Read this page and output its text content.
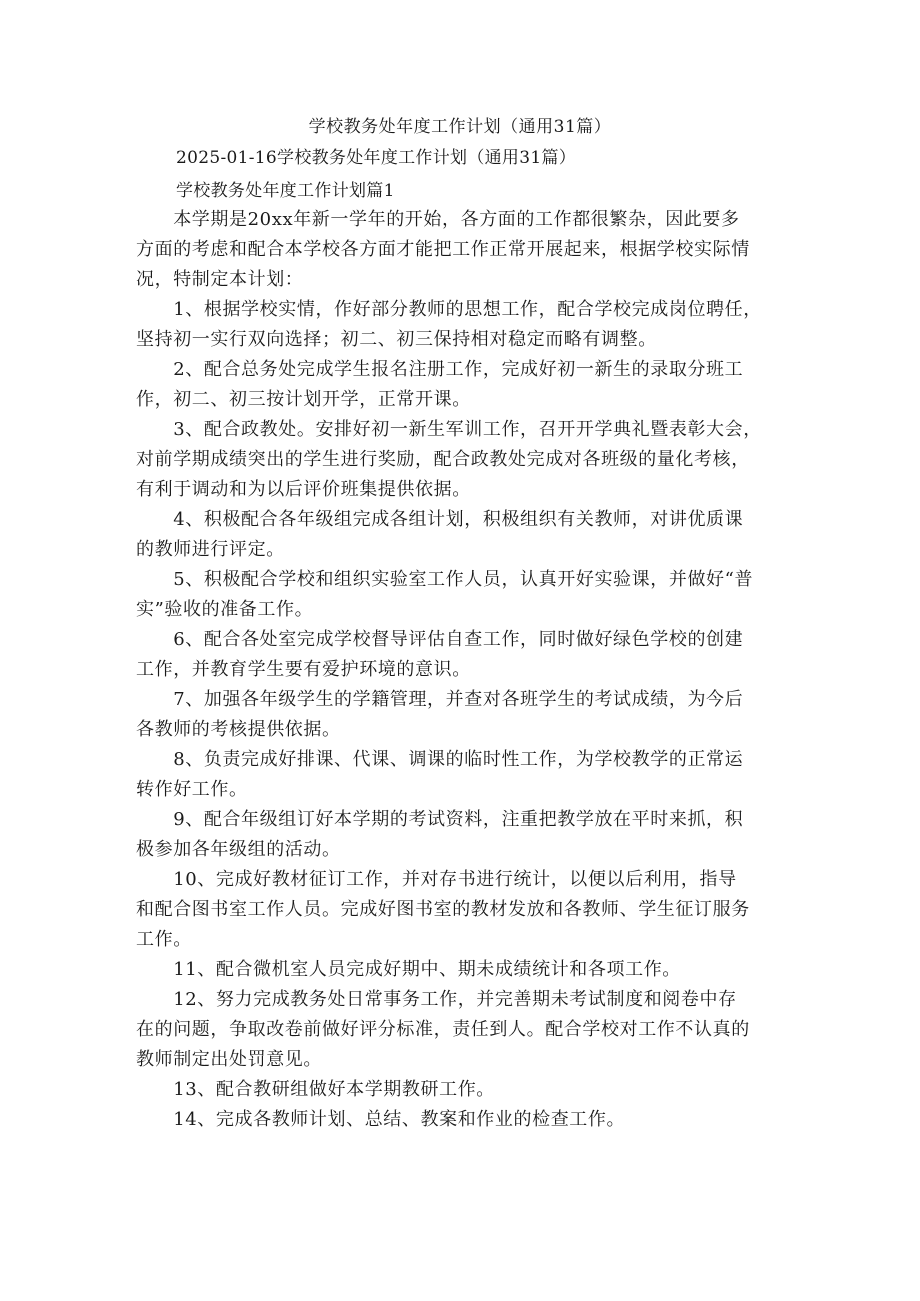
学校教务处年度工作计划（通用31篇）
2025-01-16学校教务处年度工作计划（通用31篇）
学校教务处年度工作计划篇1

　　本学期是20xx年新一学年的开始，各方面的工作都很繁杂，因此要多

方面的考虑和配合本学校各方面才能把工作正常开展起来，根据学校实际情

况，特制定本计划：

　　1、根据学校实情，作好部分教师的思想工作，配合学校完成岗位聘任，

坚持初一实行双向选择；初二、初三保持相对稳定而略有调整。

　　2、配合总务处完成学生报名注册工作，完成好初一新生的录取分班工

作，初二、初三按计划开学，正常开课。

　　3、配合政教处。安排好初一新生军训工作，召开开学典礼暨表彰大会，

对前学期成绩突出的学生进行奖励，配合政教处完成对各班级的量化考核，

有利于调动和为以后评价班集提供依据。

　　4、积极配合各年级组完成各组计划，积极组织有关教师，对讲优质课

的教师进行评定。

　　5、积极配合学校和组织实验室工作人员，认真开好实验课，并做好“普

实”验收的准备工作。

　　6、配合各处室完成学校督导评估自查工作，同时做好绿色学校的创建

工作，并教育学生要有爱护环境的意识。

　　7、加强各年级学生的学籍管理，并查对各班学生的考试成绩，为今后

各教师的考核提供依据。

　　8、负责完成好排课、代课、调课的临时性工作，为学校教学的正常运

转作好工作。

　　9、配合年级组订好本学期的考试资料，注重把教学放在平时来抓，积

极参加各年级组的活动。

　　10、完成好教材征订工作，并对存书进行统计，以便以后利用，指导

和配合图书室工作人员。完成好图书室的教材发放和各教师、学生征订服务

工作。

　　11、配合微机室人员完成好期中、期未成绩统计和各项工作。

　　12、努力完成教务处日常事务工作，并完善期未考试制度和阅卷中存

在的问题，争取改卷前做好评分标准，责任到人。配合学校对工作不认真的

教师制定出处罚意见。

　　13、配合教研组做好本学期教研工作。

　　14、完成各教师计划、总结、教案和作业的检查工作。
